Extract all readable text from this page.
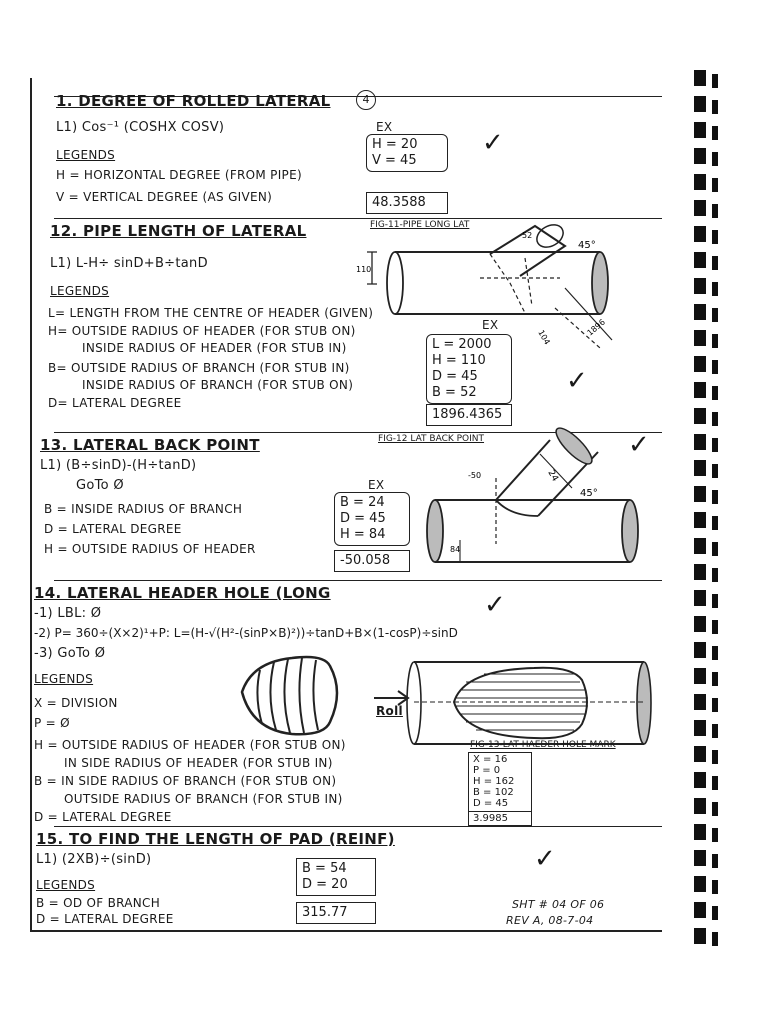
1. DEGREE OF ROLLED LATERAL	4
L1) Cos⁻¹ (COSHX COSV)
LEGENDS
H = HORIZONTAL DEGREE (FROM PIPE)
V = VERTICAL DEGREE (AS GIVEN)
EX
H = 20
V = 45
48.3588
✓
12. PIPE LENGTH OF LATERAL
L1) L-H÷ sinD+B÷tanD
LEGENDS
L= LENGTH FROM THE CENTRE OF HEADER (GIVEN)
H= OUTSIDE RADIUS OF HEADER (FOR STUB ON)
INSIDE RADIUS OF HEADER (FOR STUB IN)
B= OUTSIDE RADIUS OF BRANCH (FOR STUB IN)
INSIDE RADIUS OF BRANCH (FOR STUB ON)
D= LATERAL DEGREE
EX
L = 2000
H = 110
D = 45
B = 52
1896.4365
FIG-11-PIPE LONG LAT
110
52
45°
104	1896
✓
13. LATERAL BACK POINT
L1) (B÷sinD)-(H÷tanD)
GoTo Ø
B = INSIDE RADIUS OF BRANCH
D = LATERAL DEGREE
H = OUTSIDE RADIUS OF HEADER
EX
B = 24
D = 45
H = 84
-50.058
FIG-12 LAT BACK POINT
-50	24
45°
84
✓
14. LATERAL HEADER HOLE (LONG
-1) LBL: Ø
-2) P= 360÷(X×2)¹+P: L=(H-√(H²-(sinP×B)²))÷tanD+B×(1-cosP)÷sinD
-3) GoTo Ø
LEGENDS
X = DIVISION
P = Ø
H = OUTSIDE RADIUS OF HEADER (FOR STUB ON)
IN SIDE RADIUS OF HEADER (FOR STUB IN)
B = IN SIDE RADIUS OF BRANCH (FOR STUB ON)
OUTSIDE RADIUS OF BRANCH (FOR STUB IN)
D = LATERAL DEGREE
Roll
FIG-13-LAT HAEDER HOLE MARK
X = 16
P = 0
H = 162
B = 102
D = 45
3.9985
✓
15. TO FIND THE LENGTH OF PAD (REINF)
L1) (2XB)÷(sinD)
LEGENDS
B = OD OF BRANCH
D = LATERAL DEGREE
B = 54
D = 20
315.77
✓
SHT # 04 OF 06
REV A, 08-7-04
